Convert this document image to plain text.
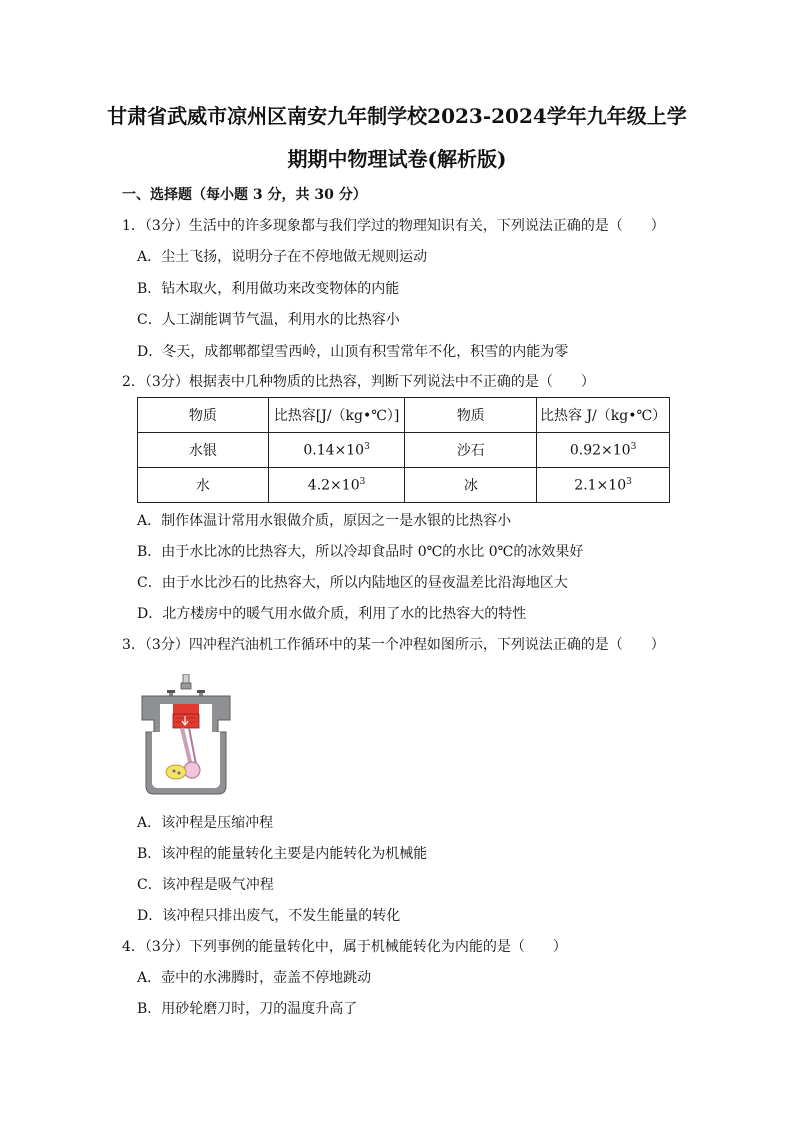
甘肃省武威市凉州区南安九年制学校2023-2024学年九年级上学
期期中物理试卷(解析版)
一、选择题（每小题 3 分，共 30 分）
1．（3分）生活中的许多现象都与我们学过的物理知识有关，下列说法正确的是（　　）
A．尘土飞扬，说明分子在不停地做无规则运动
B．钻木取火，利用做功来改变物体的内能
C．人工湖能调节气温，利用水的比热容小
D．冬天，成都郫都望雪西岭，山顶有积雪常年不化，积雪的内能为零
2．（3分）根据表中几种物质的比热容，判断下列说法中不正确的是（　　）
物质	比热容[J/（kg•℃）]	物质	比热容 J/（kg•℃）
水银	$0.14\times 10^3$	沙石	$0.92\times 10^3$
水	$4.2\times 10^3$	冰	$2.1\times 10^3$
A．制作体温计常用水银做介质，原因之一是水银的比热容小
B．由于水比冰的比热容大，所以冷却食品时 0℃的水比 0℃的冰效果好
C．由于水比沙石的比热容大，所以内陆地区的昼夜温差比沿海地区大
D．北方楼房中的暖气用水做介质，利用了水的比热容大的特性
3．（3分）四冲程汽油机工作循环中的某一个冲程如图所示，下列说法正确的是（　　）
A．该冲程是压缩冲程
B．该冲程的能量转化主要是内能转化为机械能
C．该冲程是吸气冲程
D．该冲程只排出废气，不发生能量的转化
4．（3分）下列事例的能量转化中，属于机械能转化为内能的是（　　）
A．壶中的水沸腾时，壶盖不停地跳动
B．用砂轮磨刀时，刀的温度升高了
